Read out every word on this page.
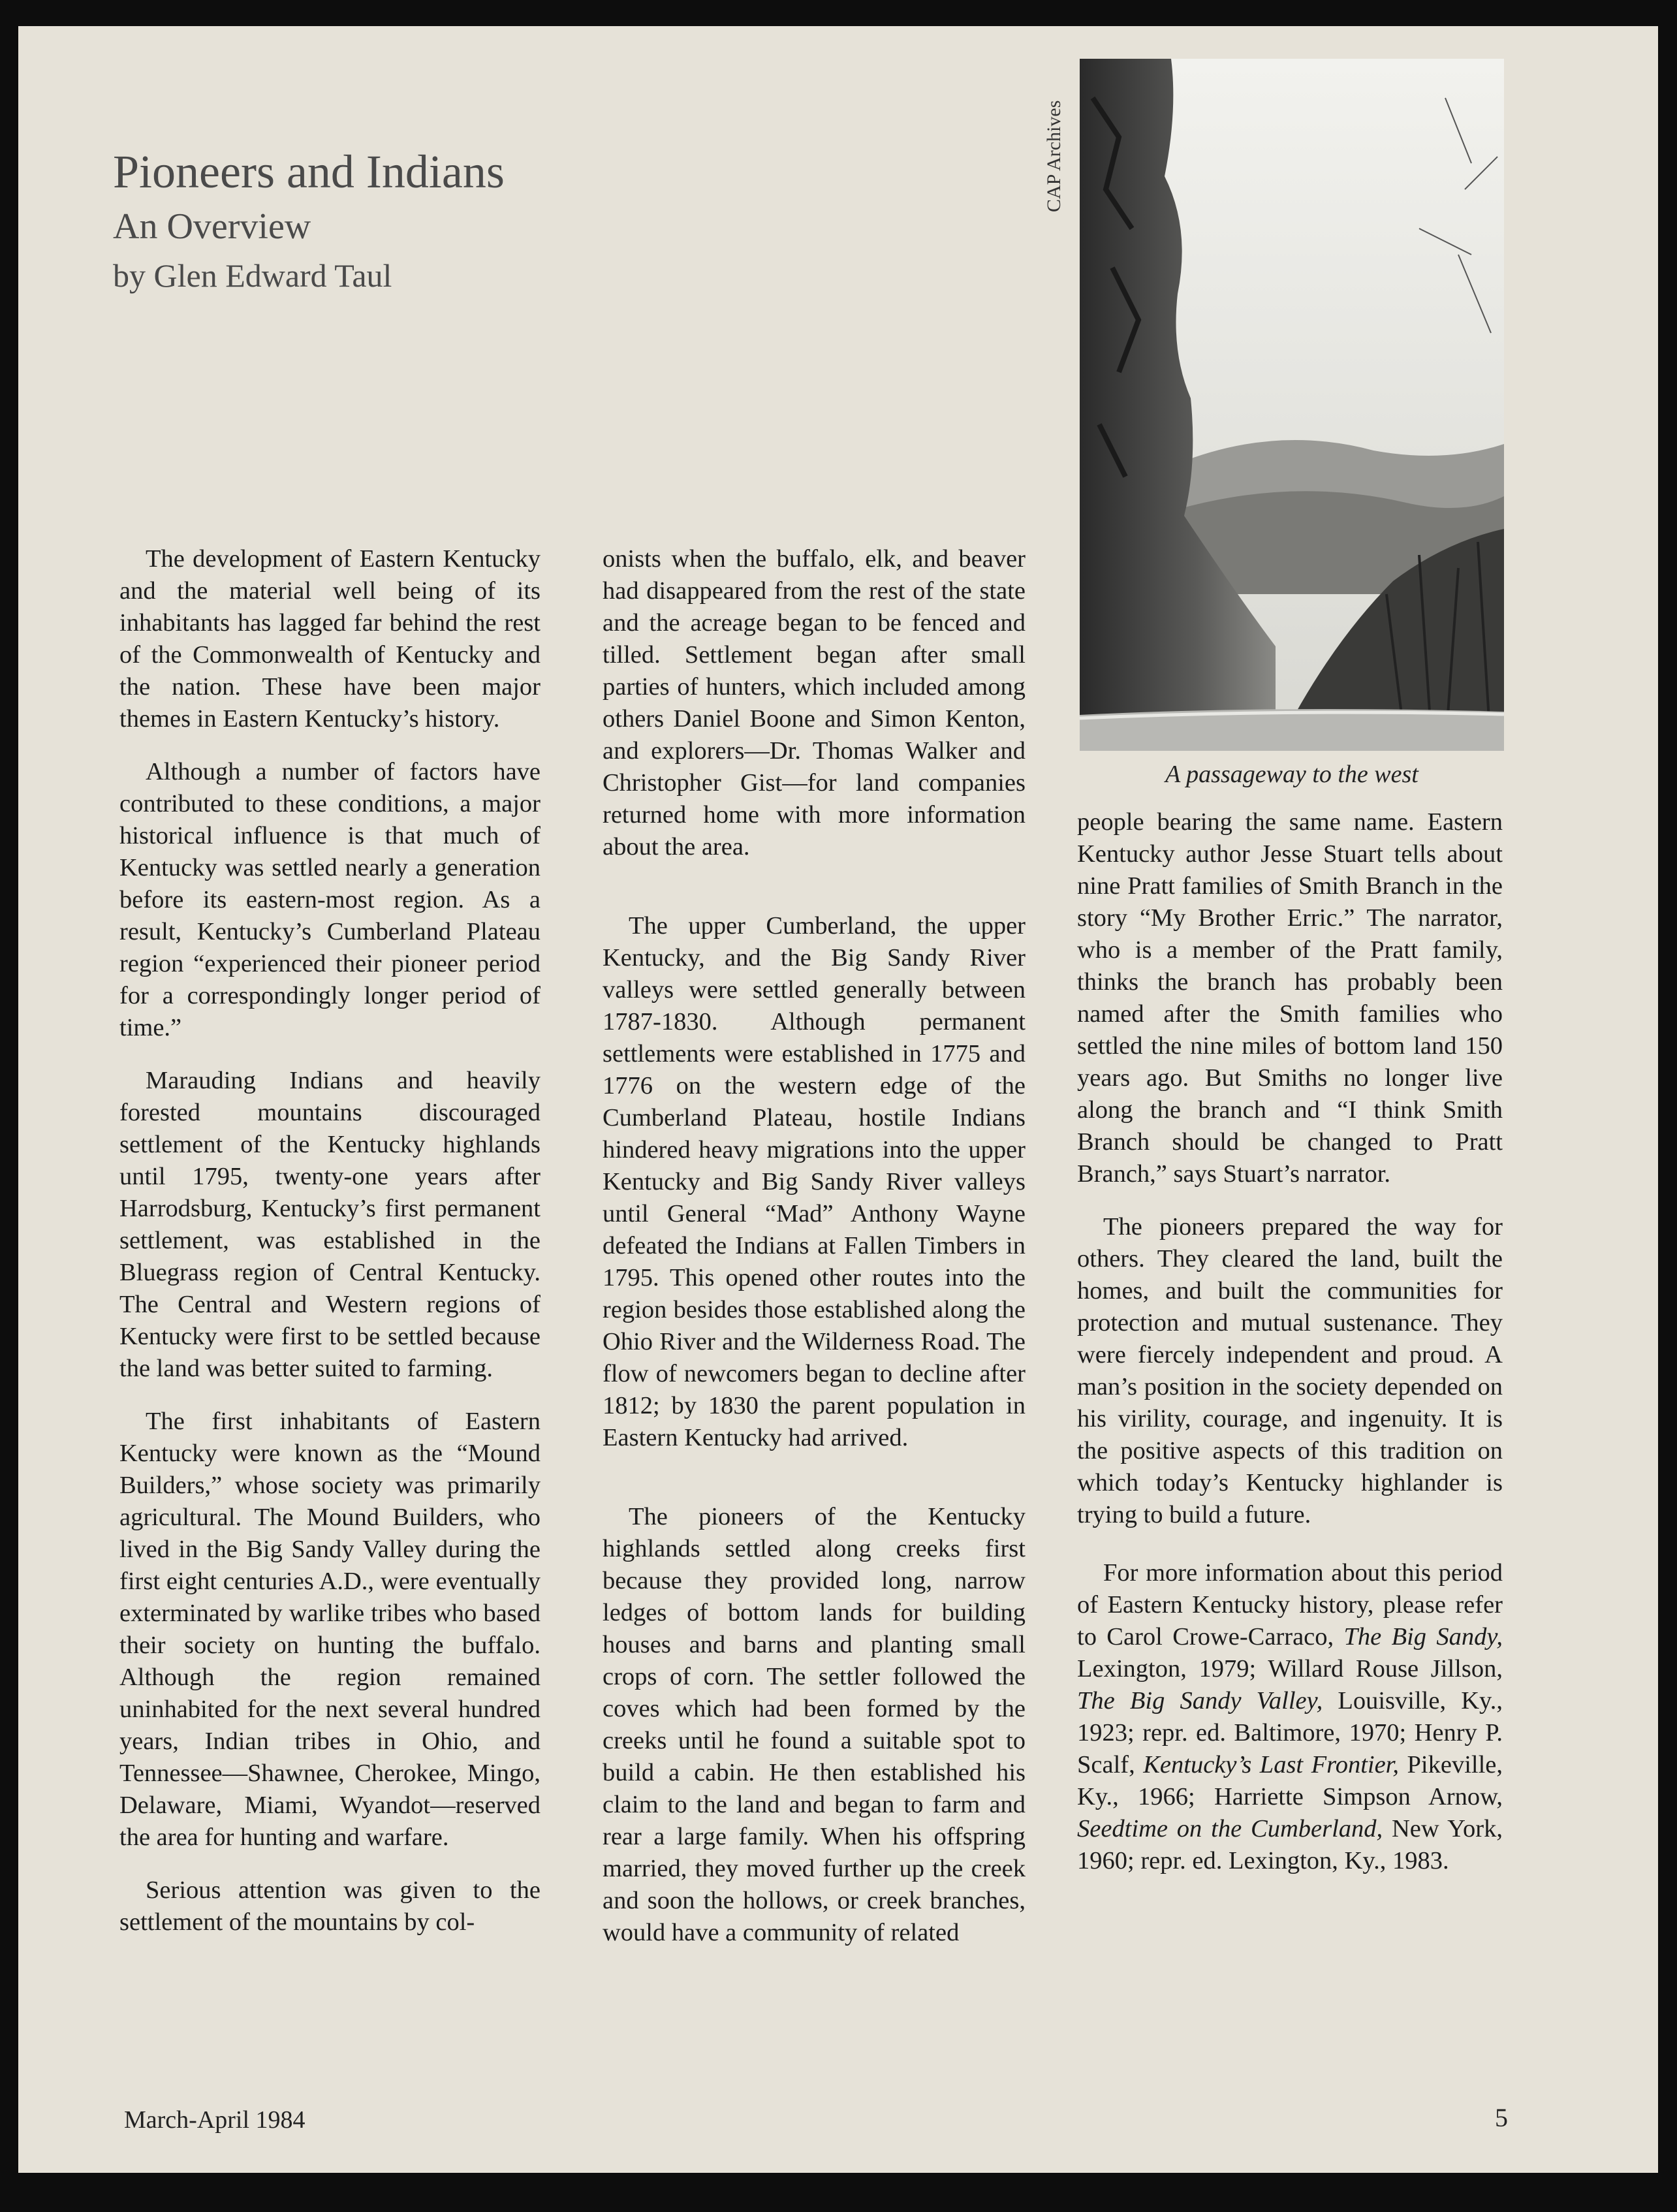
Pioneers and Indians
An Overview
by Glen Edward Taul
CAP Archives
A passageway to the west

The development of Eastern Kentucky and the material well being of its inhabitants has lagged far behind the rest of the Commonwealth of Kentucky and the nation. These have been major themes in Eastern Kentucky’s history.

Although a number of factors have contributed to these conditions, a major historical influence is that much of Kentucky was settled nearly a generation before its eastern-most region. As a result, Kentucky’s Cumberland Plateau region “experienced their pioneer period for a correspondingly longer period of time.”

Marauding Indians and heavily forested mountains discouraged settlement of the Kentucky highlands until 1795, twenty-one years after Harrodsburg, Kentucky’s first permanent settlement, was established in the Bluegrass region of Central Kentucky. The Central and Western regions of Kentucky were first to be settled because the land was better suited to farming.

The first inhabitants of Eastern Kentucky were known as the “Mound Builders,” whose society was primarily agricultural. The Mound Builders, who lived in the Big Sandy Valley during the first eight centuries A.D., were eventually exterminated by warlike tribes who based their society on hunting the buffalo. Although the region remained uninhabited for the next several hundred years, Indian tribes in Ohio, and Tennessee—Shawnee, Cherokee, Mingo, Delaware, Miami, Wyandot—reserved the area for hunting and warfare.

Serious attention was given to the settlement of the mountains by col-

onists when the buffalo, elk, and beaver had disappeared from the rest of the state and the acreage began to be fenced and tilled. Settlement began after small parties of hunters, which included among others Daniel Boone and Simon Kenton, and explorers—Dr. Thomas Walker and Christopher Gist—for land companies returned home with more information about the area.

The upper Cumberland, the upper Kentucky, and the Big Sandy River valleys were settled generally between 1787-1830. Although permanent settlements were established in 1775 and 1776 on the western edge of the Cumberland Plateau, hostile Indians hindered heavy migrations into the upper Kentucky and Big Sandy River valleys until General “Mad” Anthony Wayne defeated the Indians at Fallen Timbers in 1795. This opened other routes into the region besides those established along the Ohio River and the Wilderness Road. The flow of newcomers began to decline after 1812; by 1830 the parent population in Eastern Kentucky had arrived.

The pioneers of the Kentucky highlands settled along creeks first because they provided long, narrow ledges of bottom lands for building houses and barns and planting small crops of corn. The settler followed the coves which had been formed by the creeks until he found a suitable spot to build a cabin. He then established his claim to the land and began to farm and rear a large family. When his offspring married, they moved further up the creek and soon the hollows, or creek branches, would have a community of related

people bearing the same name. Eastern Kentucky author Jesse Stuart tells about nine Pratt families of Smith Branch in the story “My Brother Erric.” The narrator, who is a member of the Pratt family, thinks the branch has probably been named after the Smith families who settled the nine miles of bottom land 150 years ago. But Smiths no longer live along the branch and “I think Smith Branch should be changed to Pratt Branch,” says Stuart’s narrator.

The pioneers prepared the way for others. They cleared the land, built the homes, and built the communities for protection and mutual sustenance. They were fiercely independent and proud. A man’s position in the society depended on his virility, courage, and ingenuity. It is the positive aspects of this tradition on which today’s Kentucky highlander is trying to build a future.

For more information about this period of Eastern Kentucky history, please refer to Carol Crowe-Carraco, The Big Sandy, Lexington, 1979; Willard Rouse Jillson, The Big Sandy Valley, Louisville, Ky., 1923; repr. ed. Baltimore, 1970; Henry P. Scalf, Kentucky’s Last Frontier, Pikeville, Ky., 1966; Harriette Simpson Arnow, Seedtime on the Cumberland, New York, 1960; repr. ed. Lexington, Ky., 1983.

March-April 1984	5
